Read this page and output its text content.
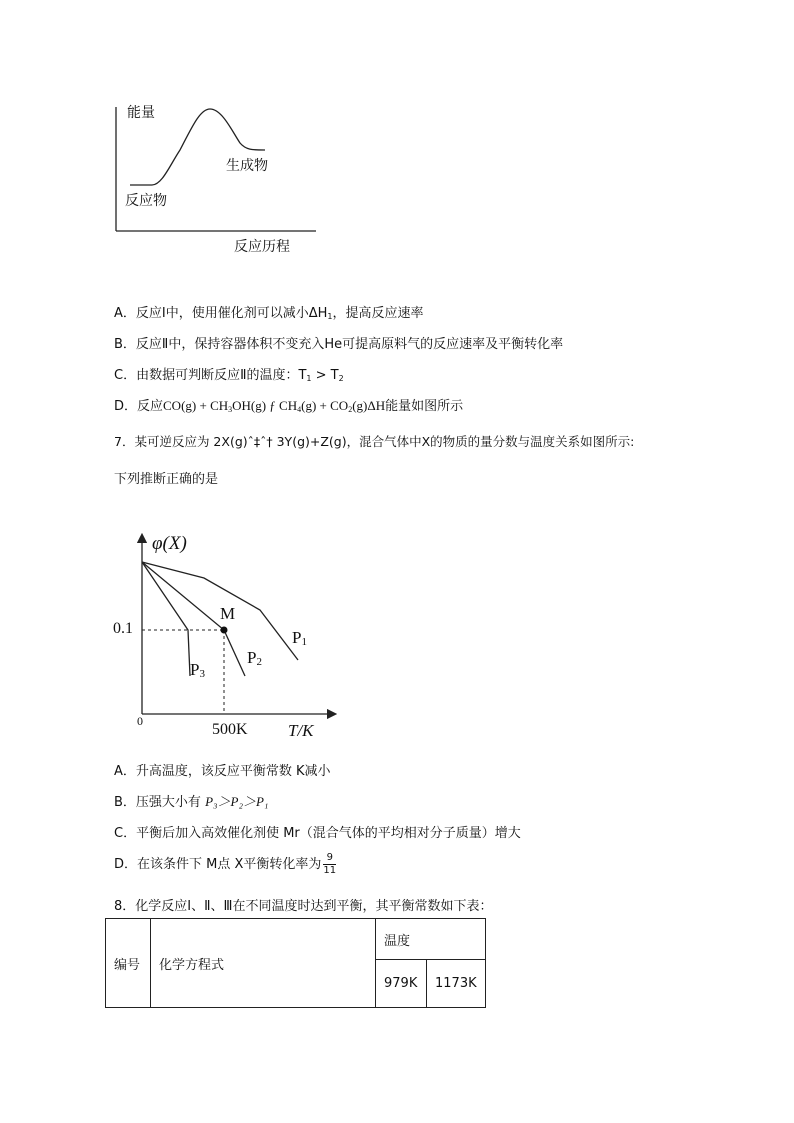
能量
生成物
反应物
反应历程
A．反应Ⅰ中，使用催化剂可以减小$\Delta H_1$，提高反应速率
B．反应Ⅱ中，保持容器体积不变充入He可提高原料气的反应速率及平衡转化率
C．由数据可判断反应Ⅱ的温度：$T_1 > T_2$
D．反应$CO(g) + CH_3OH(g)$ ƒ $CH_4(g) + CO_2(g)\Delta H$能量如图所示
7．某可逆反应为 2X(g)ˆ‡ˆ† 3Y(g)+Z(g)，混合气体中X的物质的量分数与温度关系如图所示:
下列推断正确的是
φ(X)
M
0.1	$P_1$
$P_2$
$P_3$
0	500K T/K
A．升高温度，该反应平衡常数 K减小
B．压强大小有 P₃＞P₂＞P₁
C．平衡后加入高效催化剂使 Mr（混合气体的平均相对分子质量）增大
D．在该条件下 M点 X平衡转化率为 $\frac{9}{11}$
8．化学反应Ⅰ、Ⅱ、Ⅲ在不同温度时达到平衡，其平衡常数如下表：
编号	化学方程式	温度	
		979K	1173K
